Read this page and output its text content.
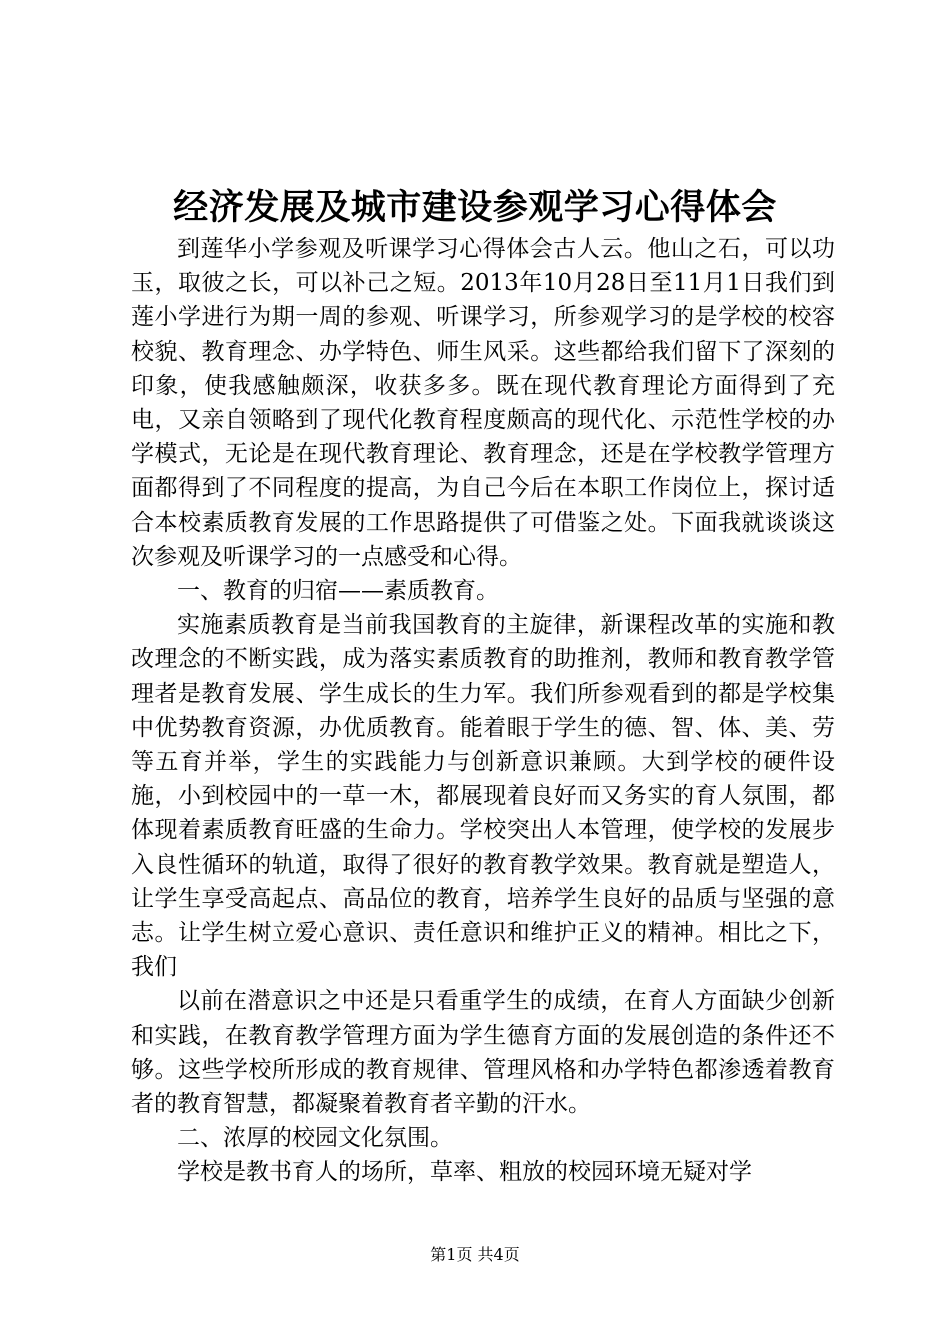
经济发展及城市建设参观学习心得体会

到莲华小学参观及听课学习心得体会古人云。他山之石，可以功玉，取彼之长，可以补己之短。2013年10月28日至11月1日我们到莲小学进行为期一周的参观、听课学习，所参观学习的是学校的校容校貌、教育理念、办学特色、师生风采。这些都给我们留下了深刻的印象，使我感触颇深，收获多多。既在现代教育理论方面得到了充电，又亲自领略到了现代化教育程度颇高的现代化、示范性学校的办学模式，无论是在现代教育理论、教育理念，还是在学校教学管理方面都得到了不同程度的提高，为自己今后在本职工作岗位上，探讨适合本校素质教育发展的工作思路提供了可借鉴之处。下面我就谈谈这次参观及听课学习的一点感受和心得。

一、教育的归宿——素质教育。

实施素质教育是当前我国教育的主旋律，新课程改革的实施和教改理念的不断实践，成为落实素质教育的助推剂，教师和教育教学管理者是教育发展、学生成长的生力军。我们所参观看到的都是学校集中优势教育资源，办优质教育。能着眼于学生的德、智、体、美、劳等五育并举，学生的实践能力与创新意识兼顾。大到学校的硬件设施，小到校园中的一草一木，都展现着良好而又务实的育人氛围，都体现着素质教育旺盛的生命力。学校突出人本管理，使学校的发展步入良性循环的轨道，取得了很好的教育教学效果。教育就是塑造人，让学生享受高起点、高品位的教育，培养学生良好的品质与坚强的意志。让学生树立爱心意识、责任意识和维护正义的精神。相比之下，我们

以前在潜意识之中还是只看重学生的成绩，在育人方面缺少创新和实践，在教育教学管理方面为学生德育方面的发展创造的条件还不够。这些学校所形成的教育规律、管理风格和办学特色都渗透着教育者的教育智慧，都凝聚着教育者辛勤的汗水。

二、浓厚的校园文化氛围。

学校是教书育人的场所，草率、粗放的校园环境无疑对学

第1页 共4页
